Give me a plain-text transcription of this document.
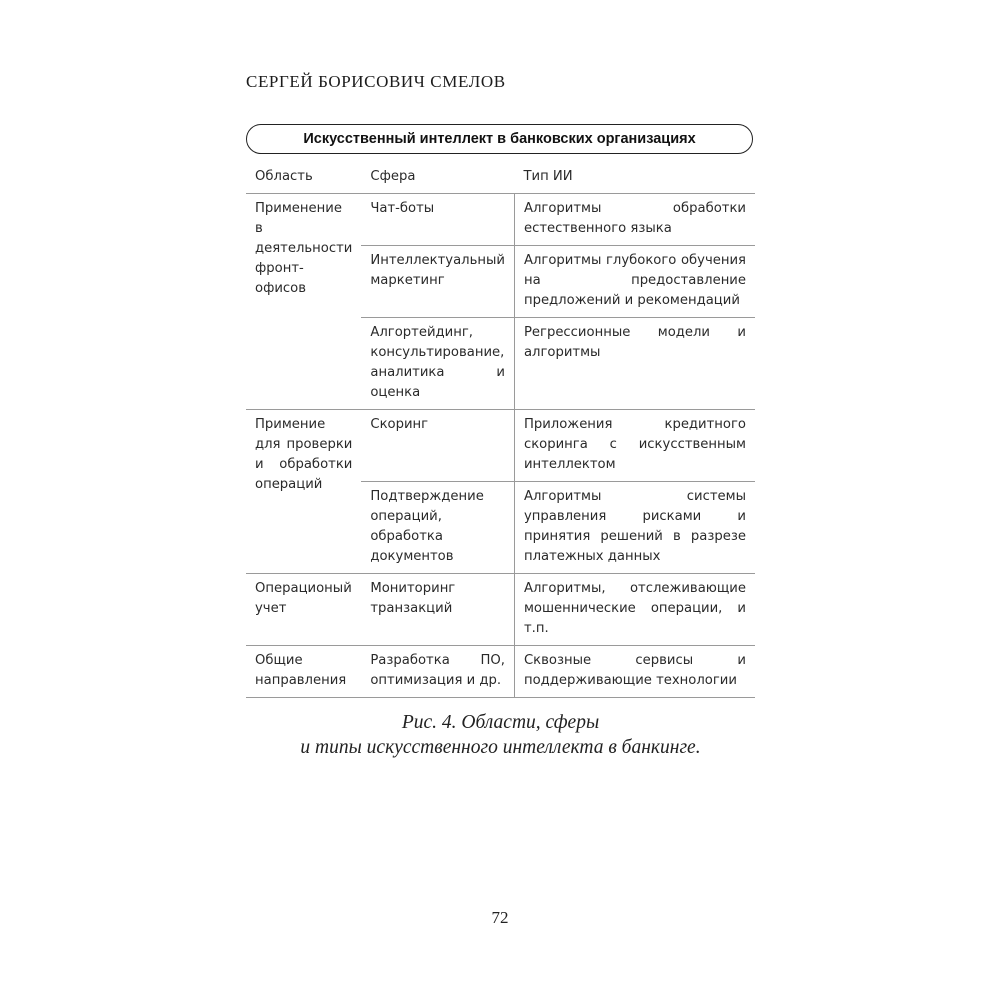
СЕРГЕЙ БОРИСОВИЧ СМЕЛОВ
Искусственный интеллект в банковских организациях
Область	Сфера	Тип ИИ
Применение в деятельности фронт-офисов	Чат-боты	Алгоритмы обработки естественного языка
	Интеллектуальный маркетинг	Алгоритмы глубокого обучения на предоставление предложений и рекомендаций
	Алгортейдинг, консультирование, аналитика и оценка	Регрессионные модели и алгоритмы
Примение для проверки и обработки операций	Скоринг	Приложения кредитного скоринга с искусственным интеллектом
	Подтверждение операций, обработка документов	Алгоритмы системы управления рисками и принятия решений в разрезе платежных данных
Операционый учет	Мониторинг транзакций	Алгоритмы, отслеживающие мошеннические операции, и т.п.
Общие направления	Разработка ПО, оптимизация и др.	Сквозные сервисы и поддерживающие технологии
Рис. 4. Области, сферы
и типы искусственного интеллекта в банкинге.
72
